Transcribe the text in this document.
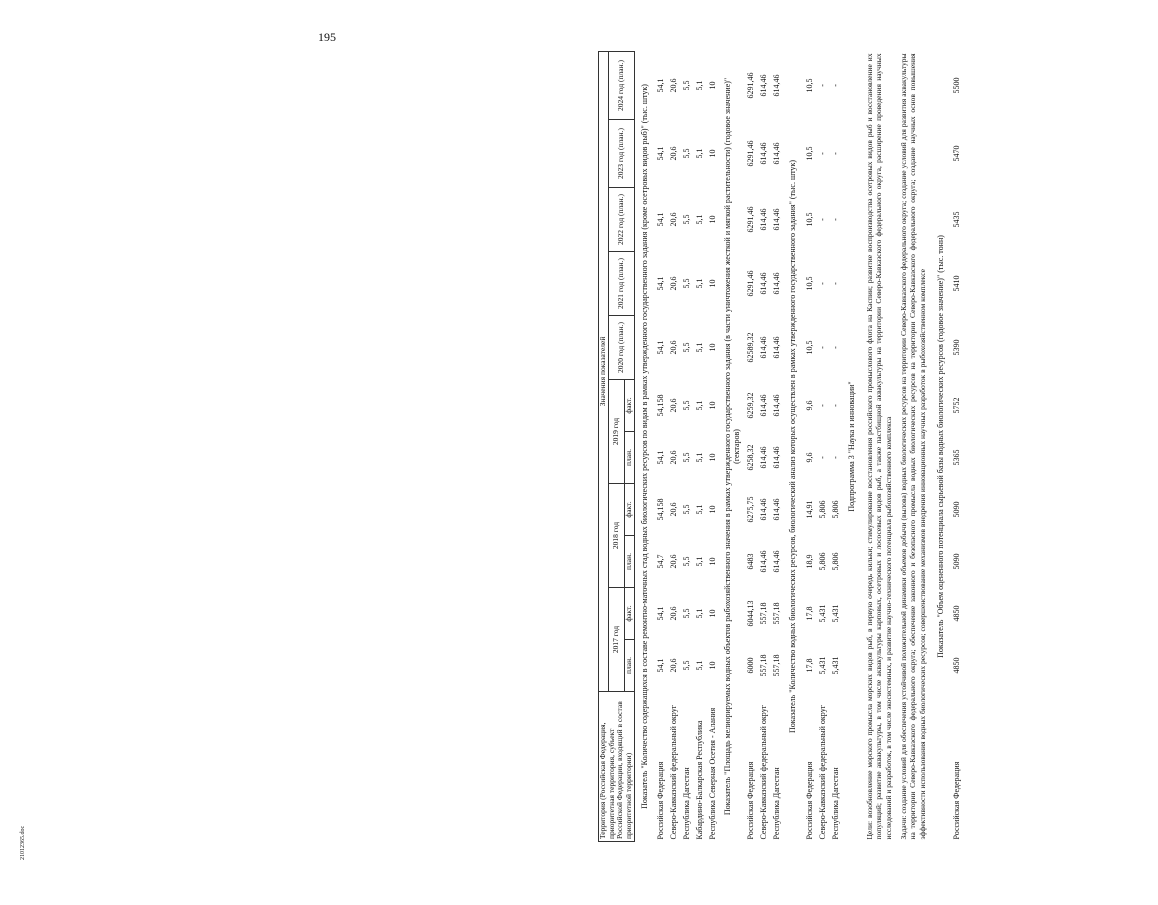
195
21012365.doc
Территория (Российская Федерация, приоритетная территория, субъект Российской Федерации, входящий в состав приоритетной территории)	Значения показателей										
	2017 год		2018 год		2019 год		2020 год (план.)	2021 год (план.)	2022 год (план.)	2023 год (план.)	2024 год (план.)
	план.	факт.	план.	факт.	план.	факт.					
Показатель "Количество содержащихся в составе ремонтно-маточных стад водных биологических ресурсов по видам в рамках утвержденного государственного задания (кроме осетровых видов рыб)" (тыс. штук)											
Российская Федерация	54,1	54,1	54,7	54,158	54,1	54,158	54,1	54,1	54,1	54,1	54,1
Северо-Кавказский федеральный округ	20,6	20,6	20,6	20,6	20,6	20,6	20,6	20,6	20,6	20,6	20,6
Республика Дагестан	5,5	5,5	5,5	5,5	5,5	5,5	5,5	5,5	5,5	5,5	5,5
Кабардино-Балкарская Республика	5,1	5,1	5,1	5,1	5,1	5,1	5,1	5,1	5,1	5,1	5,1
Республика Северная Осетия - Алания	10	10	10	10	10	10	10	10	10	10	10
Показатель "Площадь мелиорируемых водных объектов рыбохозяйственного значения в рамках утвержденного государственного задания (в части уничтожения жесткой и мягкой растительности) (годовое значение)" (гектаров)											
Российская Федерация	6000	6044,13	6483	6275,75	6258,32	6259,32	62589,32	6291,46	6291,46	6291,46	6291,46
Северо-Кавказский федеральный округ	557,18	557,18	614,46	614,46	614,46	614,46	614,46	614,46	614,46	614,46	614,46
Республика Дагестан	557,18	557,18	614,46	614,46	614,46	614,46	614,46	614,46	614,46	614,46	614,46
Показатель "Количество водных биологических ресурсов, биологический анализ которых осуществлен в рамках утвержденного государственного задания" (тыс. штук)											
Российская Федерация	17,8	17,8	18,9	14,91	9,6	9,6	10,5	10,5	10,5	10,5	10,5
Северо-Кавказский федеральный округ	5,431	5,431	5,806	5,806	-	-	-	-	-	-	-
Республика Дагестан	5,431	5,431	5,806	5,806	-	-	-	-	-	-	-
Подпрограмма 3 "Наука и инновации"											
Цели: возобновление морского промысла морских видов рыб, в первую очередь кильки; стимулирование восстановления российского промыслового флота на Каспии; развитие воспроизводства осетровых видов рыб и восстановление их популяций; развитие аквакультуры, в том числе аквакультуры карповых, осетровых и лососевых видов рыб, а также пастбищной аквакультуры на территории Северо-Кавказского федерального округа, расширение проведения научных исследований и разработок, в том числе экосистемных, и развитие научно-технического потенциала рыбохозяйственного комплекса											
Задачи: создание условий для обеспечения устойчивой положительной динамики объемов добычи (вылова) водных биологических ресурсов на территории Северо-Кавказского федерального округа; создание условий для развития аквакультуры на территории Северо-Кавказского федерального округа; обеспечение законного и безопасного промысла водных биологических ресурсов на территории Северо-Кавказского федерального округа; создание научных основ повышения эффективности использования водных биологических ресурсов; совершенствование механизмов внедрения инновационных научных разработок в рыбохозяйственном комплексе											
Показатель "Объем оцененного потенциала сырьевой базы водных биологических ресурсов (годовое значение)" (тыс. тонн)											
Российская Федерация	4850	4850	5090	5090	5365	5752	5390	5410	5435	5470	5500
